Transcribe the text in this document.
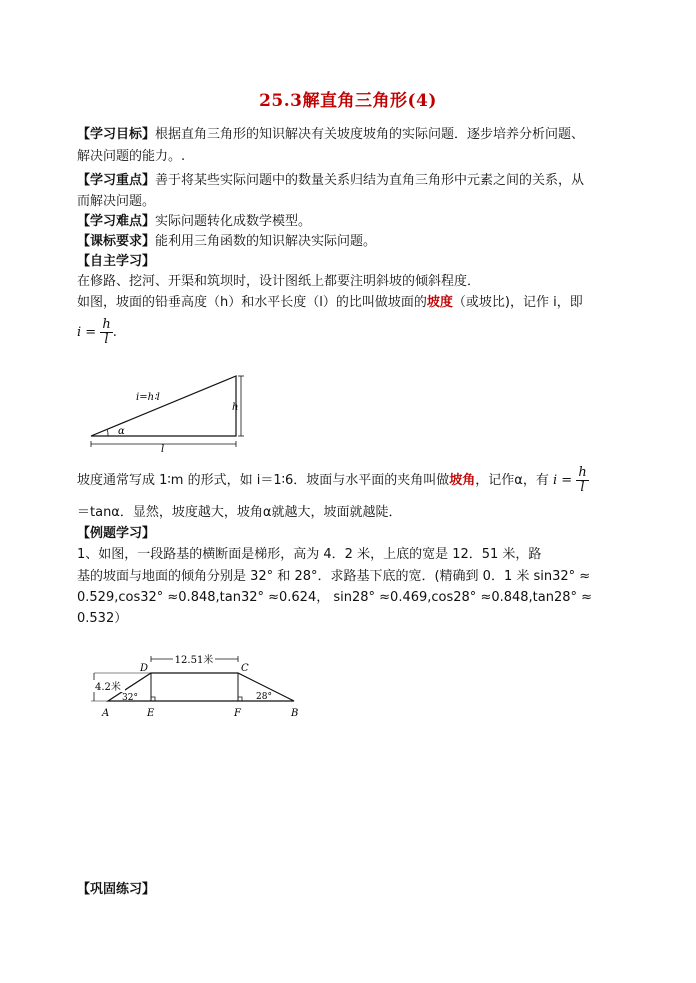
25.3解直角三角形(4)
【学习目标】根据直角三角形的知识解决有关坡度坡角的实际问题．逐步培养分析问题、
解决问题的能力。.
【学习重点】善于将某些实际问题中的数量关系归结为直角三角形中元素之间的关系，从
而解决问题。
【学习难点】实际问题转化成数学模型。
【课标要求】能利用三角函数的知识解决实际问题。
【自主学习】
在修路、挖河、开渠和筑坝时，设计图纸上都要注明斜坡的倾斜程度．
如图，坡面的铅垂高度（h）和水平长度（l）的比叫做坡面的坡度（或坡比)，记作 i，即
$i = \frac{h}{l}$ .
i=h∶l
α
h
l
坡度通常写成 1∶m 的形式，如 i＝1∶6．坡面与水平面的夹角叫做坡角，记作α，有 $i = \frac{h}{l}$
＝tanα．显然，坡度越大，坡角α就越大，坡面就越陡．
【例题学习】
1、如图，一段路基的横断面是梯形，高为 4．2 米，上底的宽是 12．51 米，路
基的坡面与地面的倾角分别是 32° 和 28°．求路基下底的宽．(精确到 0．1 米 sin32° ≈
0.529,cos32° ≈0.848,tan32° ≈0.624， sin28° ≈0.469,cos28° ≈0.848,tan28° ≈
0.532）
12.51米
4.2米
32°	28°
A	B
C
D
E	F
【巩固练习】
